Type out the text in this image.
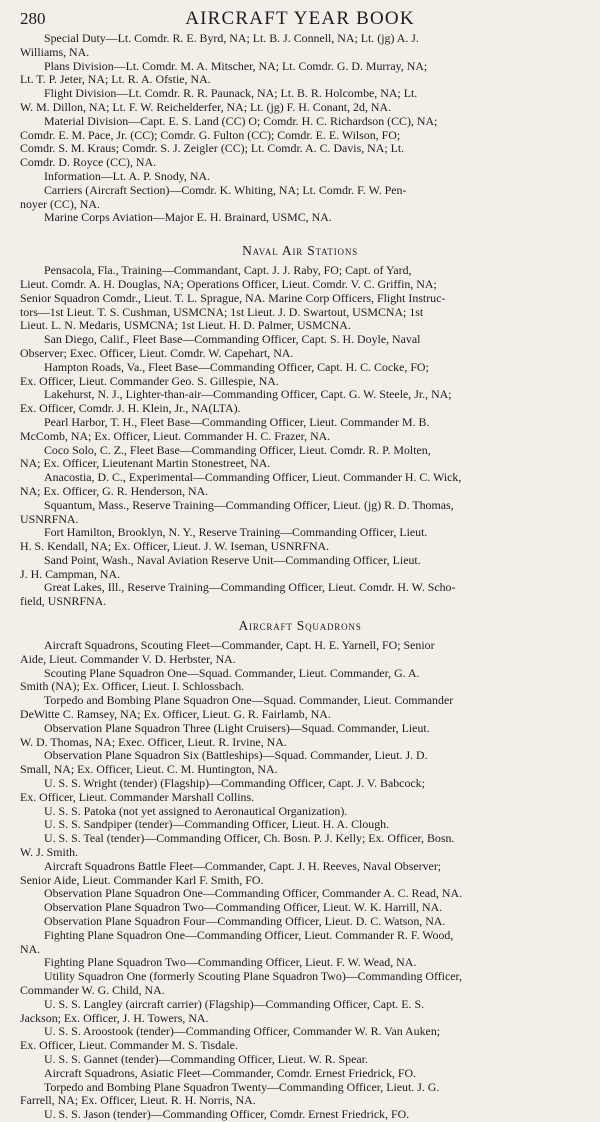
280	AIRCRAFT YEAR BOOK

Special Duty—Lt. Comdr. R. E. Byrd, NA; Lt. B. J. Connell, NA; Lt. (jg) A. J.
Williams, NA.

Plans Division—Lt. Comdr. M. A. Mitscher, NA; Lt. Comdr. G. D. Murray, NA;
Lt. T. P. Jeter, NA; Lt. R. A. Ofstie, NA.

Flight Division—Lt. Comdr. R. R. Paunack, NA; Lt. B. R. Holcombe, NA; Lt.
W. M. Dillon, NA; Lt. F. W. Reichelderfer, NA; Lt. (jg) F. H. Conant, 2d, NA.

Material Division—Capt. E. S. Land (CC) O; Comdr. H. C. Richardson (CC), NA;
Comdr. E. M. Pace, Jr. (CC); Comdr. G. Fulton (CC); Comdr. E. E. Wilson, FO;
Comdr. S. M. Kraus; Comdr. S. J. Zeigler (CC); Lt. Comdr. A. C. Davis, NA; Lt.
Comdr. D. Royce (CC), NA.

Information—Lt. A. P. Snody, NA.

Carriers (Aircraft Section)—Comdr. K. Whiting, NA; Lt. Comdr. F. W. Pen-
noyer (CC), NA.

Marine Corps Aviation—Major E. H. Brainard, USMC, NA.

Naval Air Stations

Pensacola, Fla., Training—Commandant, Capt. J. J. Raby, FO; Capt. of Yard,
Lieut. Comdr. A. H. Douglas, NA; Operations Officer, Lieut. Comdr. V. C. Griffin, NA;
Senior Squadron Comdr., Lieut. T. L. Sprague, NA. Marine Corp Officers, Flight Instruc-
tors—1st Lieut. T. S. Cushman, USMCNA; 1st Lieut. J. D. Swartout, USMCNA; 1st
Lieut. L. N. Medaris, USMCNA; 1st Lieut. H. D. Palmer, USMCNA.

San Diego, Calif., Fleet Base—Commanding Officer, Capt. S. H. Doyle, Naval
Observer; Exec. Officer, Lieut. Comdr. W. Capehart, NA.

Hampton Roads, Va., Fleet Base—Commanding Officer, Capt. H. C. Cocke, FO;
Ex. Officer, Lieut. Commander Geo. S. Gillespie, NA.

Lakehurst, N. J., Lighter-than-air—Commanding Officer, Capt. G. W. Steele, Jr., NA;
Ex. Officer, Comdr. J. H. Klein, Jr., NA(LTA).

Pearl Harbor, T. H., Fleet Base—Commanding Officer, Lieut. Commander M. B.
McComb, NA; Ex. Officer, Lieut. Commander H. C. Frazer, NA.

Coco Solo, C. Z., Fleet Base—Commanding Officer, Lieut. Comdr. R. P. Molten,
NA; Ex. Officer, Lieutenant Martin Stonestreet, NA.

Anacostia, D. C., Experimental—Commanding Officer, Lieut. Commander H. C. Wick,
NA; Ex. Officer, G. R. Henderson, NA.

Squantum, Mass., Reserve Training—Commanding Officer, Lieut. (jg) R. D. Thomas,
USNRFNA.

Fort Hamilton, Brooklyn, N. Y., Reserve Training—Commanding Officer, Lieut.
H. S. Kendall, NA; Ex. Officer, Lieut. J. W. Iseman, USNRFNA.

Sand Point, Wash., Naval Aviation Reserve Unit—Commanding Officer, Lieut.
J. H. Campman, NA.

Great Lakes, Ill., Reserve Training—Commanding Officer, Lieut. Comdr. H. W. Scho-
field, USNRFNA.

Aircraft Squadrons

Aircraft Squadrons, Scouting Fleet—Commander, Capt. H. E. Yarnell, FO; Senior
Aide, Lieut. Commander V. D. Herbster, NA.

Scouting Plane Squadron One—Squad. Commander, Lieut. Commander, G. A.
Smith (NA); Ex. Officer, Lieut. I. Schlossbach.

Torpedo and Bombing Plane Squadron One—Squad. Commander, Lieut. Commander
DeWitte C. Ramsey, NA; Ex. Officer, Lieut. G. R. Fairlamb, NA.

Observation Plane Squadron Three (Light Cruisers)—Squad. Commander, Lieut.
W. D. Thomas, NA; Exec. Officer, Lieut. R. Irvine, NA.

Observation Plane Squadron Six (Battleships)—Squad. Commander, Lieut. J. D.
Small, NA; Ex. Officer, Lieut. C. M. Huntington, NA.

U. S. S. Wright (tender) (Flagship)—Commanding Officer, Capt. J. V. Babcock;
Ex. Officer, Lieut. Commander Marshall Collins.

U. S. S. Patoka (not yet assigned to Aeronautical Organization).

U. S. S. Sandpiper (tender)—Commanding Officer, Lieut. H. A. Clough.

U. S. S. Teal (tender)—Commanding Officer, Ch. Bosn. P. J. Kelly; Ex. Officer, Bosn.
W. J. Smith.

Aircraft Squadrons Battle Fleet—Commander, Capt. J. H. Reeves, Naval Observer;
Senior Aide, Lieut. Commander Karl F. Smith, FO.

Observation Plane Squadron One—Commanding Officer, Commander A. C. Read, NA.

Observation Plane Squadron Two—Commanding Officer, Lieut. W. K. Harrill, NA.

Observation Plane Squadron Four—Commanding Officer, Lieut. D. C. Watson, NA.

Fighting Plane Squadron One—Commanding Officer, Lieut. Commander R. F. Wood,
NA.

Fighting Plane Squadron Two—Commanding Officer, Lieut. F. W. Wead, NA.

Utility Squadron One (formerly Scouting Plane Squadron Two)—Commanding Officer,
Commander W. G. Child, NA.

U. S. S. Langley (aircraft carrier) (Flagship)—Commanding Officer, Capt. E. S.
Jackson; Ex. Officer, J. H. Towers, NA.

U. S. S. Aroostook (tender)—Commanding Officer, Commander W. R. Van Auken;
Ex. Officer, Lieut. Commander M. S. Tisdale.

U. S. S. Gannet (tender)—Commanding Officer, Lieut. W. R. Spear.

Aircraft Squadrons, Asiatic Fleet—Commander, Comdr. Ernest Friedrick, FO.

Torpedo and Bombing Plane Squadron Twenty—Commanding Officer, Lieut. J. G.
Farrell, NA; Ex. Officer, Lieut. R. H. Norris, NA.

U. S. S. Jason (tender)—Commanding Officer, Comdr. Ernest Friedrick, FO.
